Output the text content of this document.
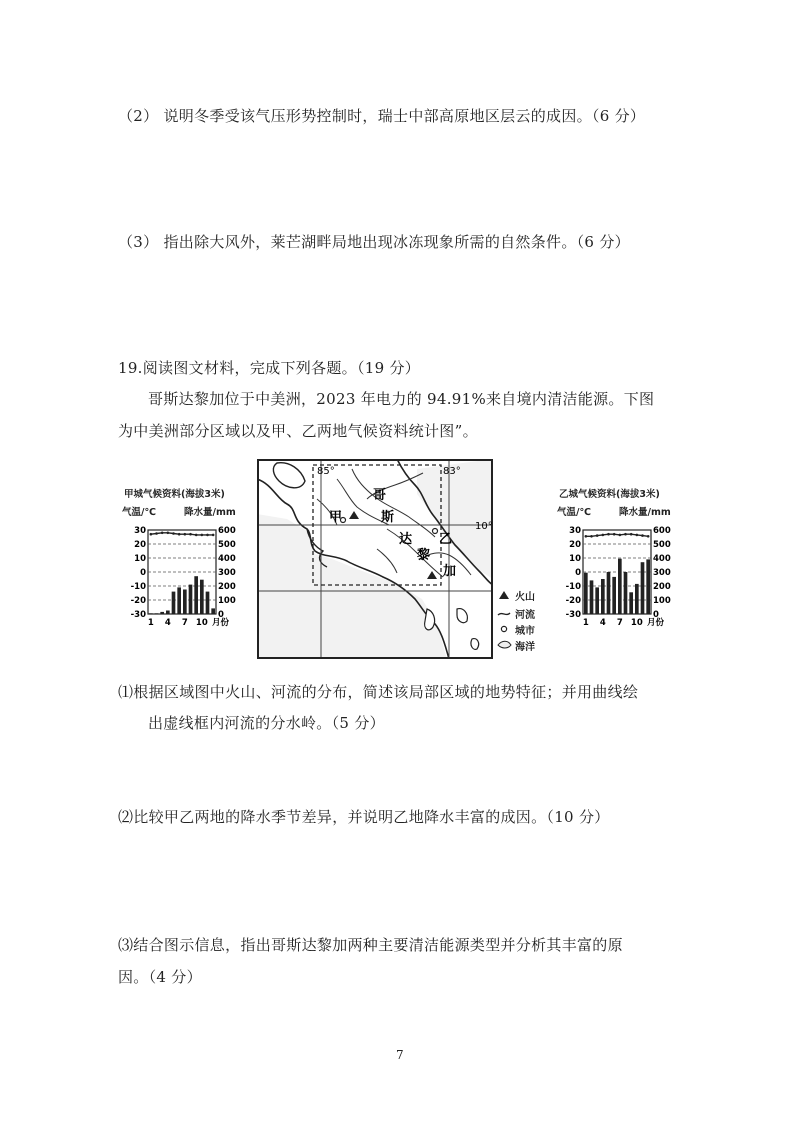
（2） 说明冬季受该气压形势控制时，瑞士中部高原地区层云的成因。（6 分）
（3） 指出除大风外，莱芒湖畔局地出现冰冻现象所需的自然条件。（6 分）
19.阅读图文材料，完成下列各题。（19 分）
哥斯达黎加位于中美洲，2023 年电力的 94.91%来自境内清洁能源。下图
为中美洲部分区域以及甲、乙两地气候资料统计图”。
甲城气候资料(海拔3米)
气温/℃	降水量/mm
30
20
10
0
-10
-20
-30
600
500
400
300
200
100
0
1 4 7 10 月份
85°	83°
10°
甲
乙
哥
斯
达
黎
加
火山
河流
城市
海洋
乙城气候资料(海拔3米)
气温/℃	降水量/mm
30
20
10
0
-10
-20
-30
600
500
400
300
200
100
0
1 4 7 10 月份
⑴根据区域图中火山、河流的分布，简述该局部区域的地势特征；并用曲线绘
出虚线框内河流的分水岭。（5 分）
⑵比较甲乙两地的降水季节差异，并说明乙地降水丰富的成因。（10 分）
⑶结合图示信息，指出哥斯达黎加两种主要清洁能源类型并分析其丰富的原
因。（4 分）
7
